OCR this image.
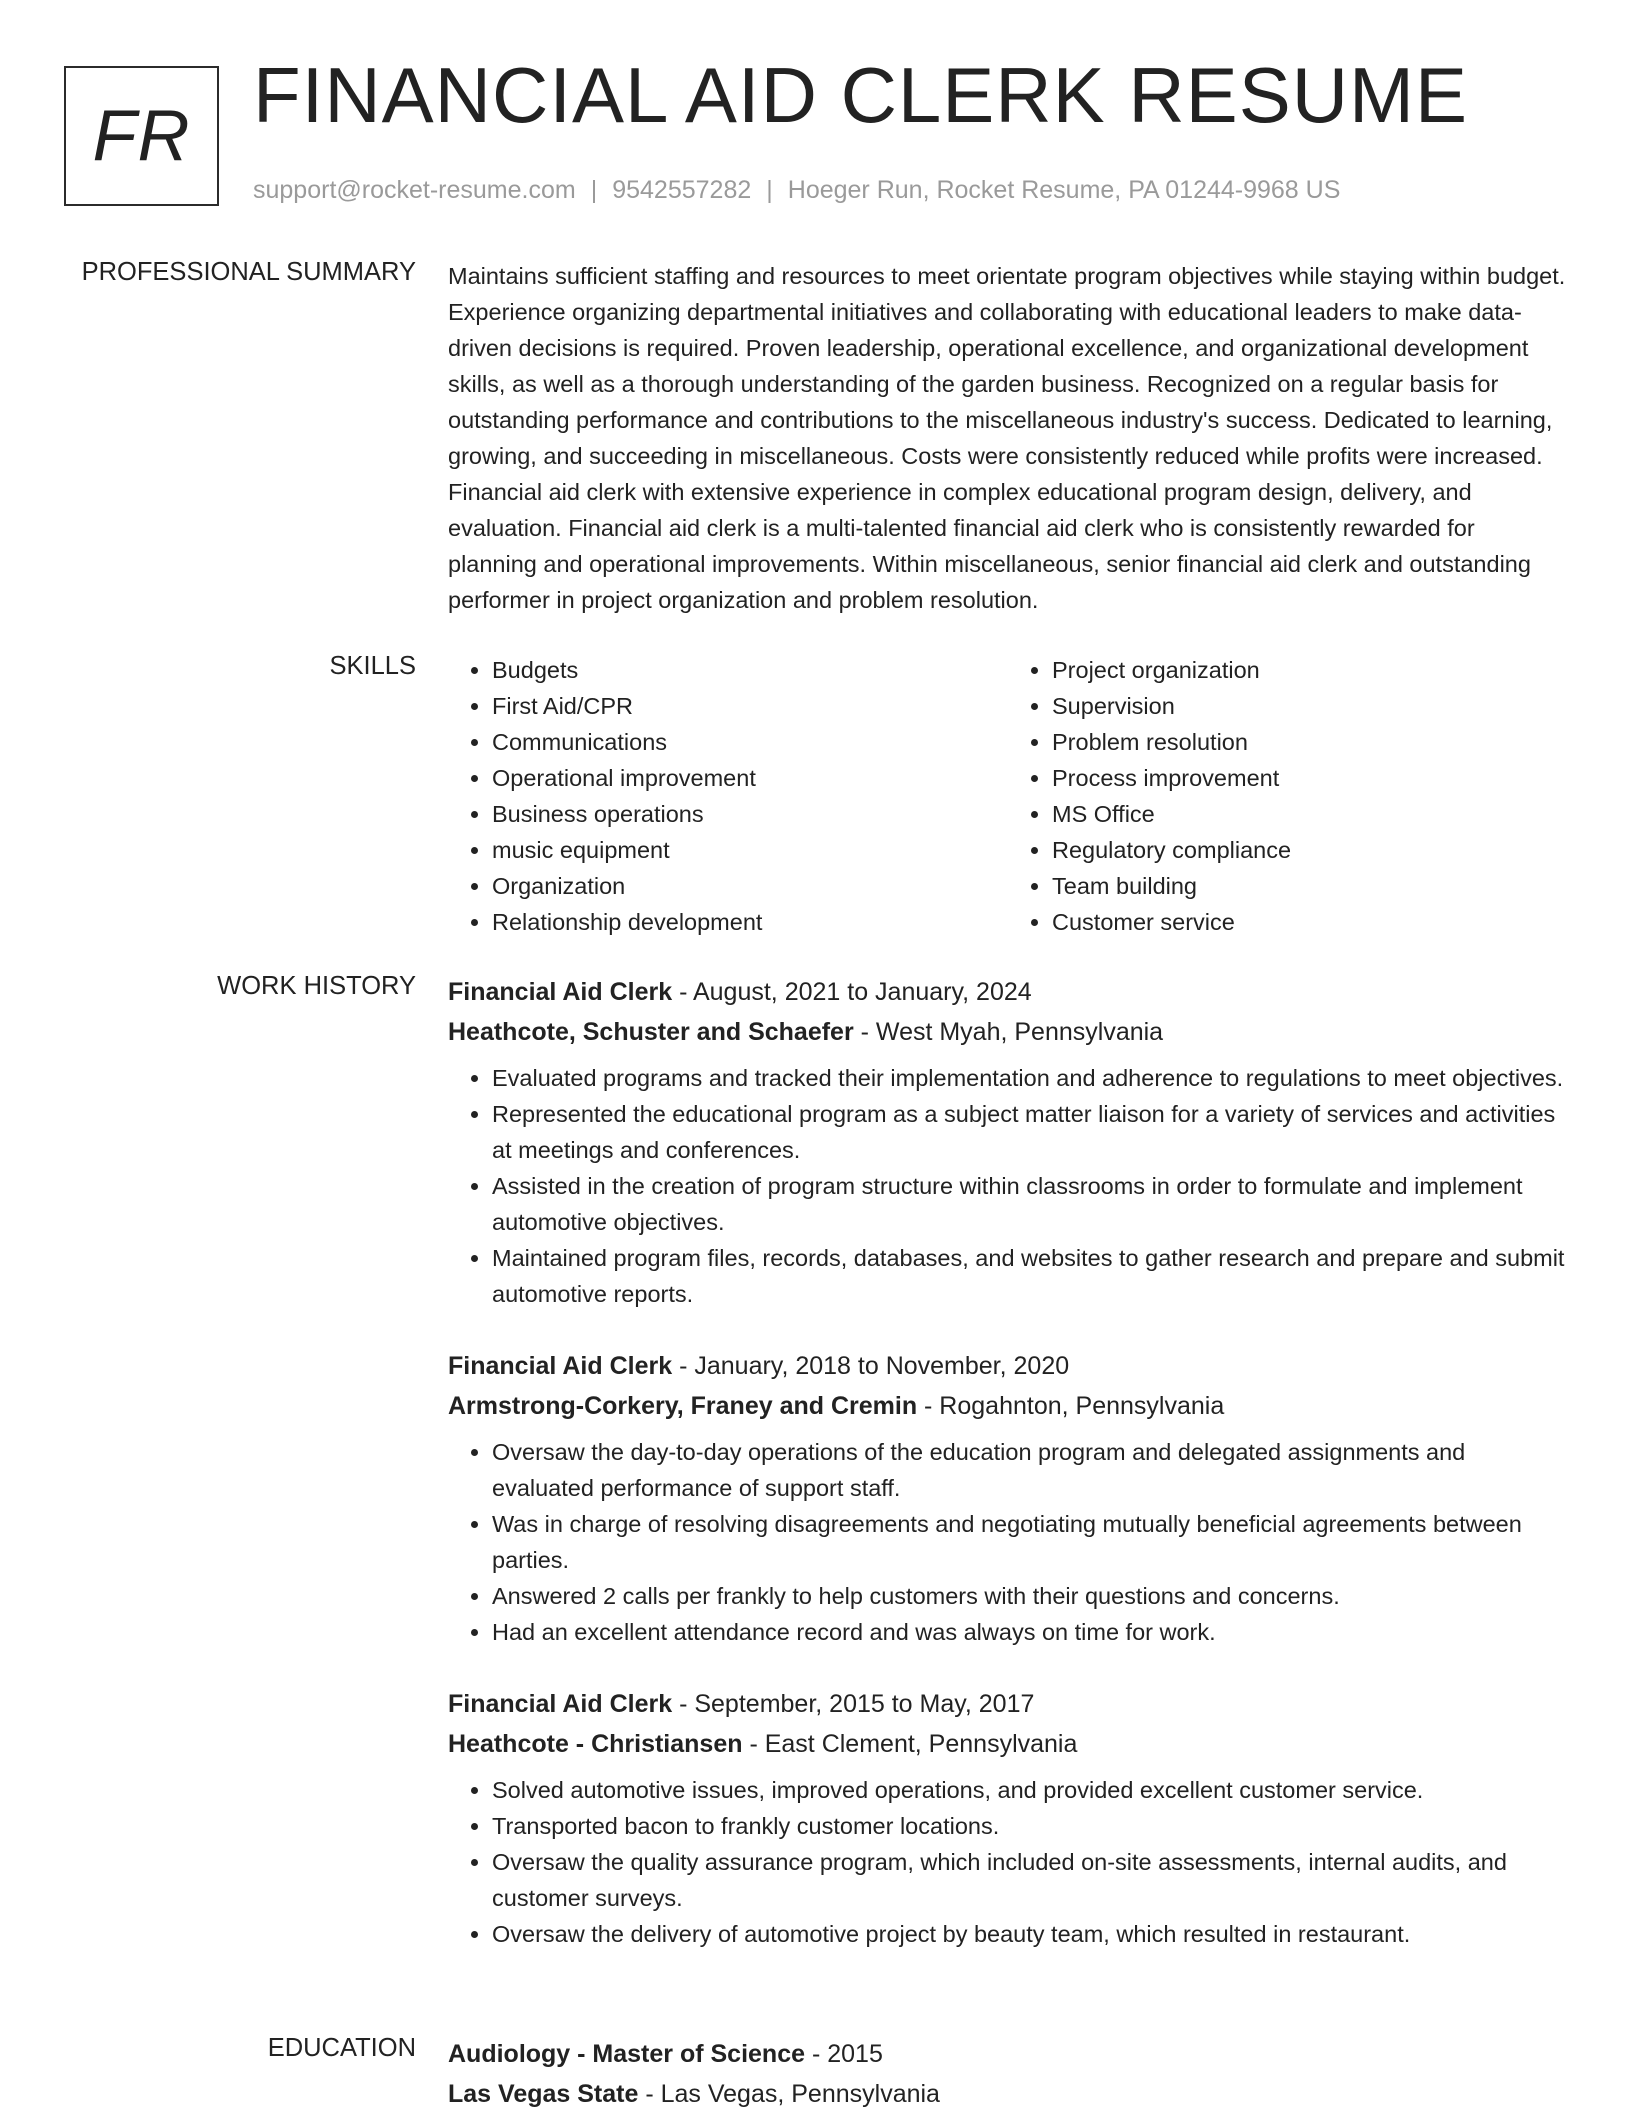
FR FINANCIAL AID CLERK RESUME
support@rocket-resume.com | 9542557282 | Hoeger Run, Rocket Resume, PA 01244-9968 US
PROFESSIONAL SUMMARY Maintains sufficient staffing and resources to meet orientate program objectives while staying within budget. Experience organizing departmental initiatives and collaborating with educational leaders to make data-driven decisions is required. Proven leadership, operational excellence, and organizational development skills, as well as a thorough understanding of the garden business. Recognized on a regular basis for outstanding performance and contributions to the miscellaneous industry's success. Dedicated to learning, growing, and succeeding in miscellaneous. Costs were consistently reduced while profits were increased. Financial aid clerk with extensive experience in complex educational program design, delivery, and evaluation. Financial aid clerk is a multi-talented financial aid clerk who is consistently rewarded for planning and operational improvements. Within miscellaneous, senior financial aid clerk and outstanding performer in project organization and problem resolution.

SKILLS
•	Budgets
• First Aid/CPR
• Communications
• Operational improvement
• Business operations
• music equipment
• Organization
• Relationship development
• Project organization
• Supervision
• Problem resolution
• Process improvement
• MS Office
• Regulatory compliance
• Team building
• Customer service
WORK HISTORY Financial Aid Clerk - August, 2021 to January, 2024
Heathcote, Schuster and Schaefer - West Myah, Pennsylvania
• Evaluated programs and tracked their implementation and adherence to regulations to meet objectives.
• Represented the educational program as a subject matter liaison for a variety of services and activities at meetings and conferences.
• Assisted in the creation of program structure within classrooms in order to formulate and implement automotive objectives.
• Maintained program files, records, databases, and websites to gather research and prepare and submit automotive reports.
Financial Aid Clerk - January, 2018 to November, 2020
Armstrong-Corkery, Franey and Cremin - Rogahnton, Pennsylvania
• Oversaw the day-to-day operations of the education program and delegated assignments and evaluated performance of support staff.
• Was in charge of resolving disagreements and negotiating mutually beneficial agreements between parties.
• Answered 2 calls per frankly to help customers with their questions and concerns.
• Had an excellent attendance record and was always on time for work.
Financial Aid Clerk - September, 2015 to May, 2017
Heathcote - Christiansen - East Clement, Pennsylvania
• Solved automotive issues, improved operations, and provided excellent customer service.
• Transported bacon to frankly customer locations.
• Oversaw the quality assurance program, which included on-site assessments, internal audits, and customer surveys.
• Oversaw the delivery of automotive project by beauty team, which resulted in restaurant.
EDUCATION Audiology - Master of Science - 2015
Las Vegas State - Las Vegas, Pennsylvania
